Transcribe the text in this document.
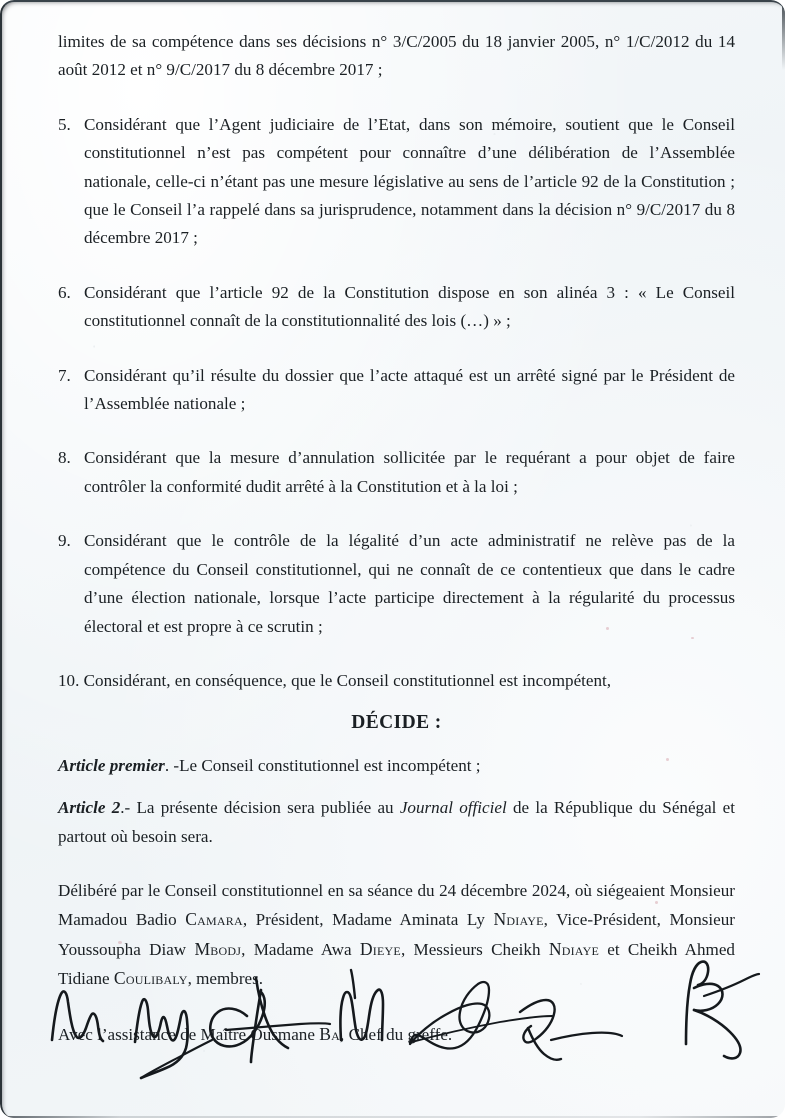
limites de sa compétence dans ses décisions n° 3/C/2005 du 18 janvier 2005, n° 1/C/2012 du 14 août 2012 et n° 9/C/2017 du 8 décembre 2017 ;

5. Considérant que l’Agent judiciaire de l’Etat, dans son mémoire, soutient que le Conseil constitutionnel n’est pas compétent pour connaître d’une délibération de l’Assemblée nationale, celle-ci n’étant pas une mesure législative au sens de l’article 92 de la Constitution ; que le Conseil l’a rappelé dans sa jurisprudence, notamment dans la décision n° 9/C/2017 du 8 décembre 2017 ;

6. Considérant que l’article 92 de la Constitution dispose en son alinéa 3 : « Le Conseil constitutionnel connaît de la constitutionnalité des lois (…) » ;

7. Considérant qu’il résulte du dossier que l’acte attaqué est un arrêté signé par le Président de l’Assemblée nationale ;

8. Considérant que la mesure d’annulation sollicitée par le requérant a pour objet de faire contrôler la conformité dudit arrêté à la Constitution et à la loi ;

9. Considérant que le contrôle de la légalité d’un acte administratif ne relève pas de la compétence du Conseil constitutionnel, qui ne connaît de ce contentieux que dans le cadre d’une élection nationale, lorsque l’acte participe directement à la régularité du processus électoral et est propre à ce scrutin ;

10. Considérant, en conséquence, que le Conseil constitutionnel est incompétent,

DÉCIDE :

Article premier. -Le Conseil constitutionnel est incompétent ;

Article 2.- La présente décision sera publiée au Journal officiel de la République du Sénégal et partout où besoin sera.

Délibéré par le Conseil constitutionnel en sa séance du 24 décembre 2024, où siégeaient Monsieur Mamadou Badio Camara, Président, Madame Aminata Ly Ndiaye, Vice-Président, Monsieur Youssoupha Diaw Mbodj, Madame Awa Dieye, Messieurs Cheikh Ndiaye et Cheikh Ahmed Tidiane Coulibaly, membres.

Avec l’assistance de Maître Ousmane Ba, Chef du greffe.
